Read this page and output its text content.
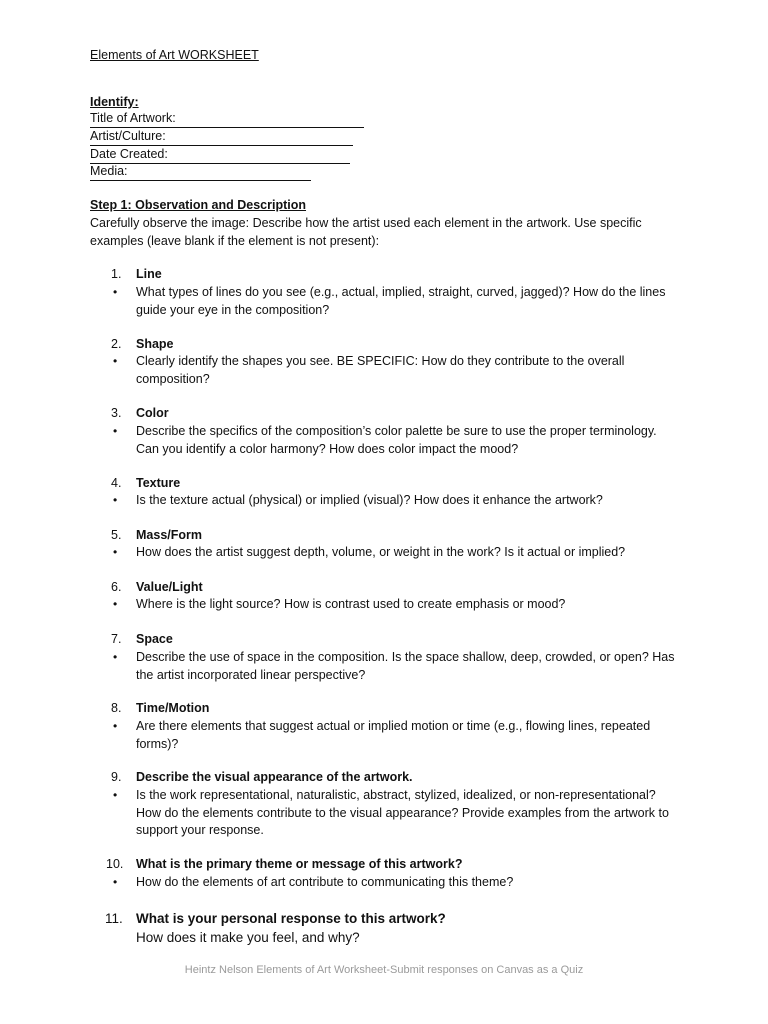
Elements of Art WORKSHEET
Identify:
Title of Artwork:
Artist/Culture:
Date Created:
Media:
Step 1: Observation and Description
Carefully observe the image: Describe how the artist used each element in the artwork. Use specific examples (leave blank if the element is not present):
1. Line
• What types of lines do you see (e.g., actual, implied, straight, curved, jagged)? How do the lines guide your eye in the composition?
2. Shape
• Clearly identify the shapes you see. BE SPECIFIC: How do they contribute to the overall composition?
3. Color
• Describe the specifics of the composition’s color palette be sure to use the proper terminology. Can you identify a color harmony? How does color impact the mood?
4. Texture
• Is the texture actual (physical) or implied (visual)? How does it enhance the artwork?
5. Mass/Form
• How does the artist suggest depth, volume, or weight in the work? Is it actual or implied?
6. Value/Light
• Where is the light source? How is contrast used to create emphasis or mood?
7. Space
• Describe the use of space in the composition. Is the space shallow, deep, crowded, or open? Has the artist incorporated linear perspective?
8. Time/Motion
• Are there elements that suggest actual or implied motion or time (e.g., flowing lines, repeated forms)?
9. Describe the visual appearance of the artwork.
• Is the work representational, naturalistic, abstract, stylized, idealized, or non-representational? How do the elements contribute to the visual appearance? Provide examples from the artwork to support your response.
10. What is the primary theme or message of this artwork?
• How do the elements of art contribute to communicating this theme?
11. What is your personal response to this artwork?
How does it make you feel, and why?
Heintz Nelson Elements of Art Worksheet-Submit responses on Canvas as a Quiz
